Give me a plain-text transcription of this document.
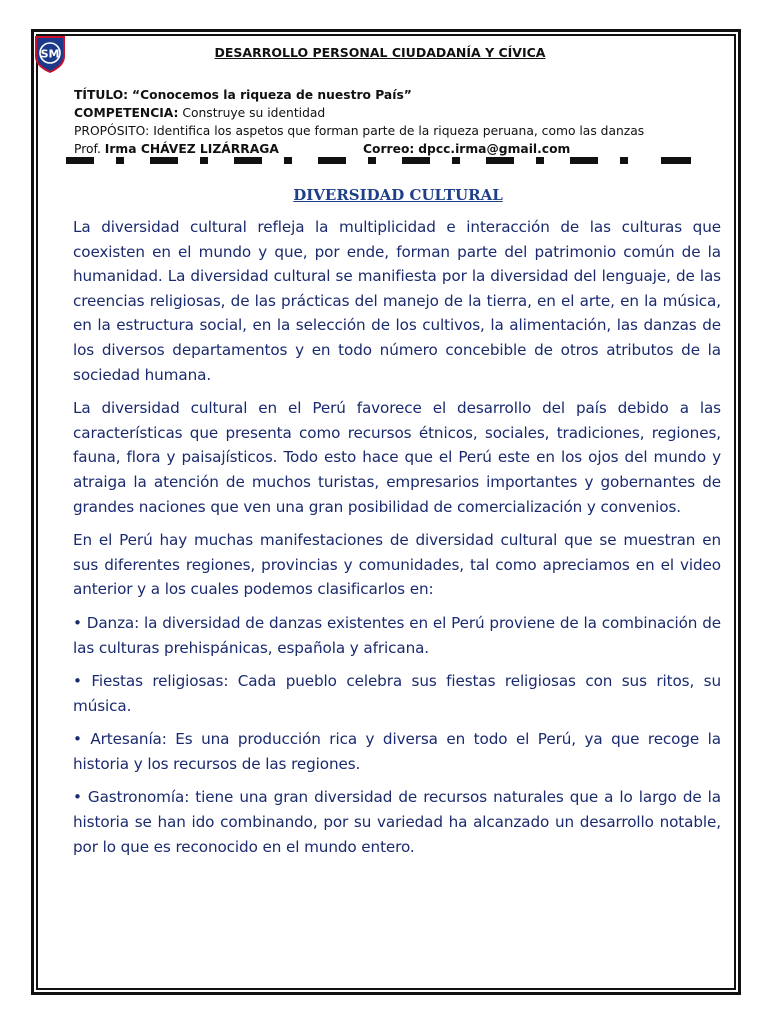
SM	DESARROLLO PERSONAL CIUDADANÍA Y CÍVICA
TÍTULO: “Conocemos la riqueza de nuestro País”
COMPETENCIA: Construye su identidad
PROPÓSITO: Identifica los aspetos que forman parte de la riqueza peruana, como las danzas
Prof. Irma CHÁVEZ LIZÁRRAGA	Correo: dpcc.irma@gmail.com
DIVERSIDAD CULTURAL

La diversidad cultural refleja la multiplicidad e interacción de las culturas que coexisten en el mundo y que, por ende, forman parte del patrimonio común de la humanidad. La diversidad cultural se manifiesta por la diversidad del lenguaje, de las creencias religiosas, de las prácticas del manejo de la tierra, en el arte, en la música, en la estructura social, en la selección de los cultivos, la alimentación, las danzas de los diversos departamentos y en todo número concebible de otros atributos de la sociedad humana.

La diversidad cultural en el Perú favorece el desarrollo del país debido a las características que presenta como recursos étnicos, sociales, tradiciones, regiones, fauna, flora y paisajísticos. Todo esto hace que el Perú este en los ojos del mundo y atraiga la atención de muchos turistas, empresarios importantes y gobernantes de grandes naciones que ven una gran posibilidad de comercialización y convenios.

En el Perú hay muchas manifestaciones de diversidad cultural que se muestran en sus diferentes regiones, provincias y comunidades, tal como apreciamos en el video anterior y a los cuales podemos clasificarlos en:

• Danza: la diversidad de danzas existentes en el Perú proviene de la combinación de las culturas prehispánicas, española y africana.

• Fiestas religiosas: Cada pueblo celebra sus fiestas religiosas con sus ritos, su música.

• Artesanía: Es una producción rica y diversa en todo el Perú, ya que recoge la historia y los recursos de las regiones.

• Gastronomía: tiene una gran diversidad de recursos naturales que a lo largo de la historia se han ido combinando, por su variedad ha alcanzado un desarrollo notable, por lo que es reconocido en el mundo entero.
